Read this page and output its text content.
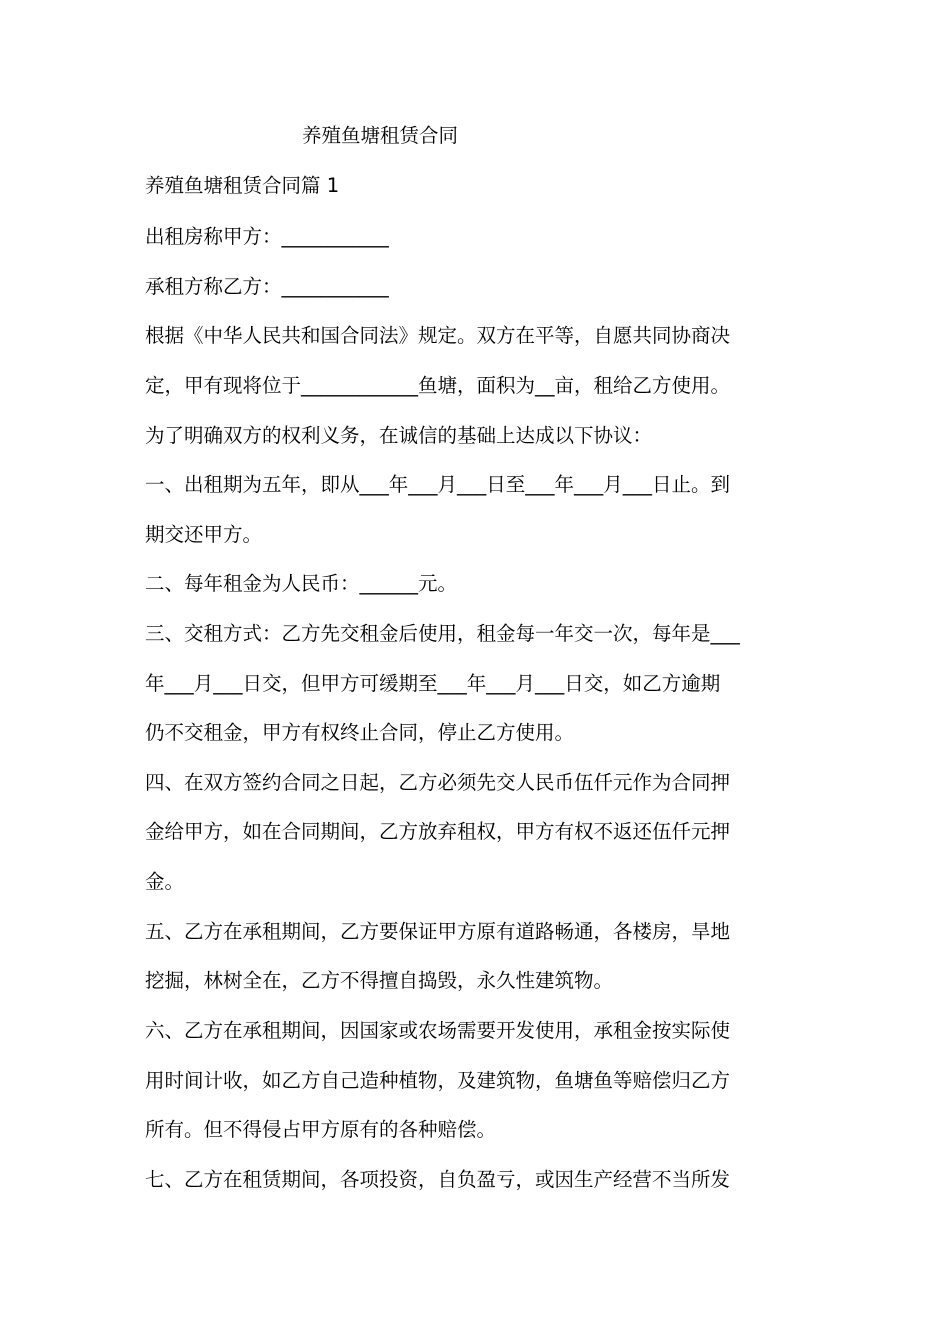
养殖鱼塘租赁合同
养殖鱼塘租赁合同篇 1
出租房称甲方：___________
承租方称乙方：___________
根据《中华人民共和国合同法》规定。双方在平等，自愿共同协商决
定，甲有现将位于____________鱼塘，面积为__亩，租给乙方使用。
为了明确双方的权利义务，在诚信的基础上达成以下协议：
一、出租期为五年，即从___年___月___日至___年___月___日止。到
期交还甲方。
二、每年租金为人民币：______元。
三、交租方式：乙方先交租金后使用，租金每一年交一次，每年是___
年___月___日交，但甲方可缓期至___年___月___日交，如乙方逾期
仍不交租金，甲方有权终止合同，停止乙方使用。
四、在双方签约合同之日起，乙方必须先交人民币伍仟元作为合同押
金给甲方，如在合同期间，乙方放弃租权，甲方有权不返还伍仟元押
金。
五、乙方在承租期间，乙方要保证甲方原有道路畅通，各楼房，旱地
挖掘，林树全在，乙方不得擅自捣毁，永久性建筑物。
六、乙方在承租期间，因国家或农场需要开发使用，承租金按实际使
用时间计收，如乙方自己造种植物，及建筑物，鱼塘鱼等赔偿归乙方
所有。但不得侵占甲方原有的各种赔偿。
七、乙方在租赁期间，各项投资，自负盈亏，或因生产经营不当所发
